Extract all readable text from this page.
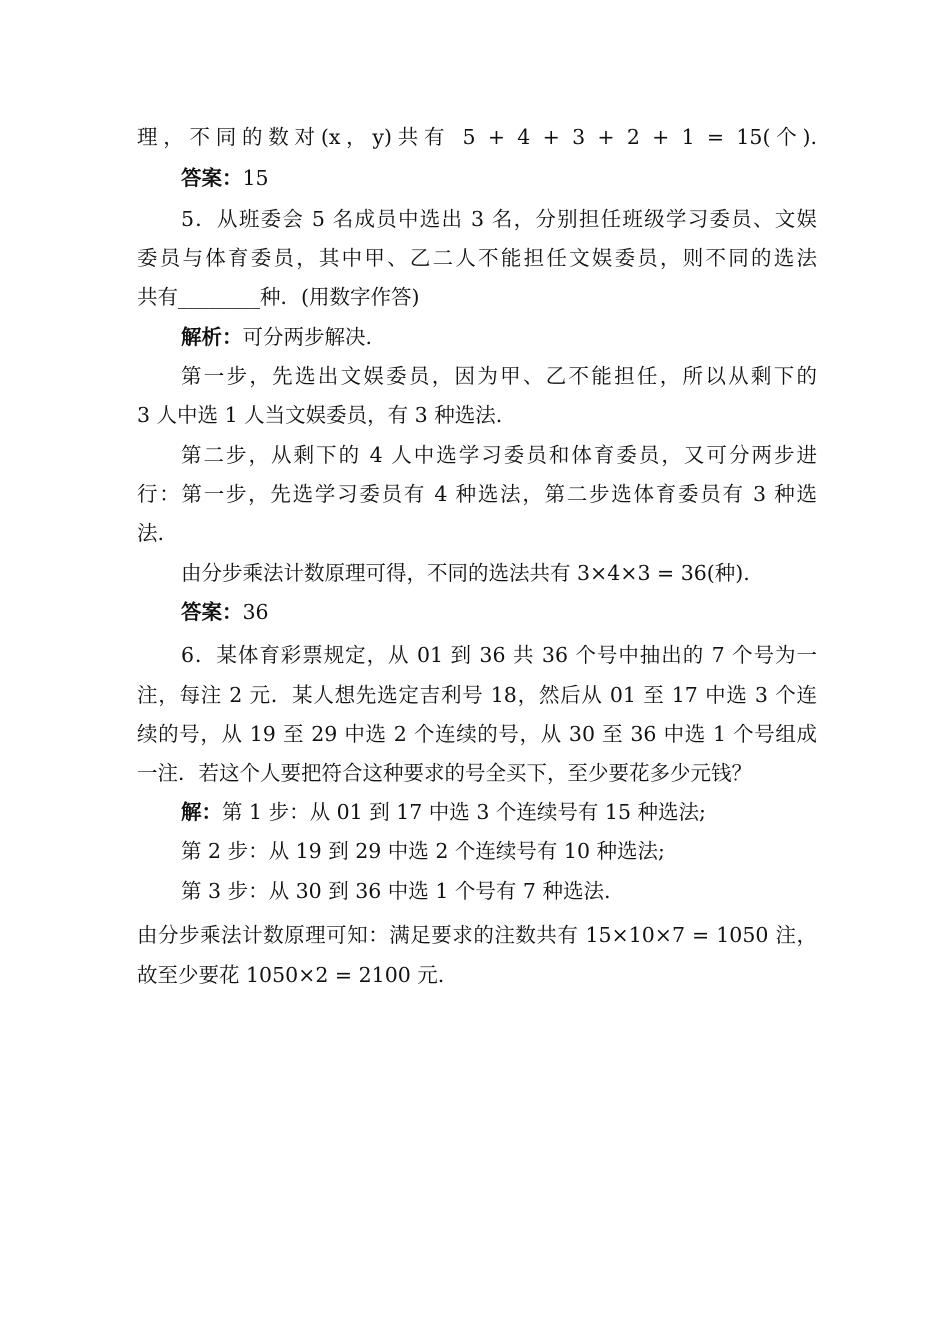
理，不同的数对(x，y)共有 5 + 4 + 3 + 2 + 1 = 15(个).
答案：15
5．从班委会 5 名成员中选出 3 名，分别担任班级学习委员、文娱
委员与体育委员，其中甲、乙二人不能担任文娱委员，则不同的选法
共有________种．(用数字作答)
解析：可分两步解决.
第一步，先选出文娱委员，因为甲、乙不能担任，所以从剩下的
3 人中选 1 人当文娱委员，有 3 种选法.
第二步，从剩下的 4 人中选学习委员和体育委员，又可分两步进
行：第一步，先选学习委员有 4 种选法，第二步选体育委员有 3 种选
法.
由分步乘法计数原理可得，不同的选法共有 3×4×3 = 36(种).
答案：36
6．某体育彩票规定，从 01 到 36 共 36 个号中抽出的 7 个号为一
注，每注 2 元．某人想先选定吉利号 18，然后从 01 至 17 中选 3 个连
续的号，从 19 至 29 中选 2 个连续的号，从 30 至 36 中选 1 个号组成
一注．若这个人要把符合这种要求的号全买下，至少要花多少元钱？
解：第 1 步：从 01 到 17 中选 3 个连续号有 15 种选法;
第 2 步：从 19 到 29 中选 2 个连续号有 10 种选法;
第 3 步：从 30 到 36 中选 1 个号有 7 种选法.
由分步乘法计数原理可知：满足要求的注数共有 15×10×7 = 1050 注，
故至少要花 1050×2 = 2100 元.
